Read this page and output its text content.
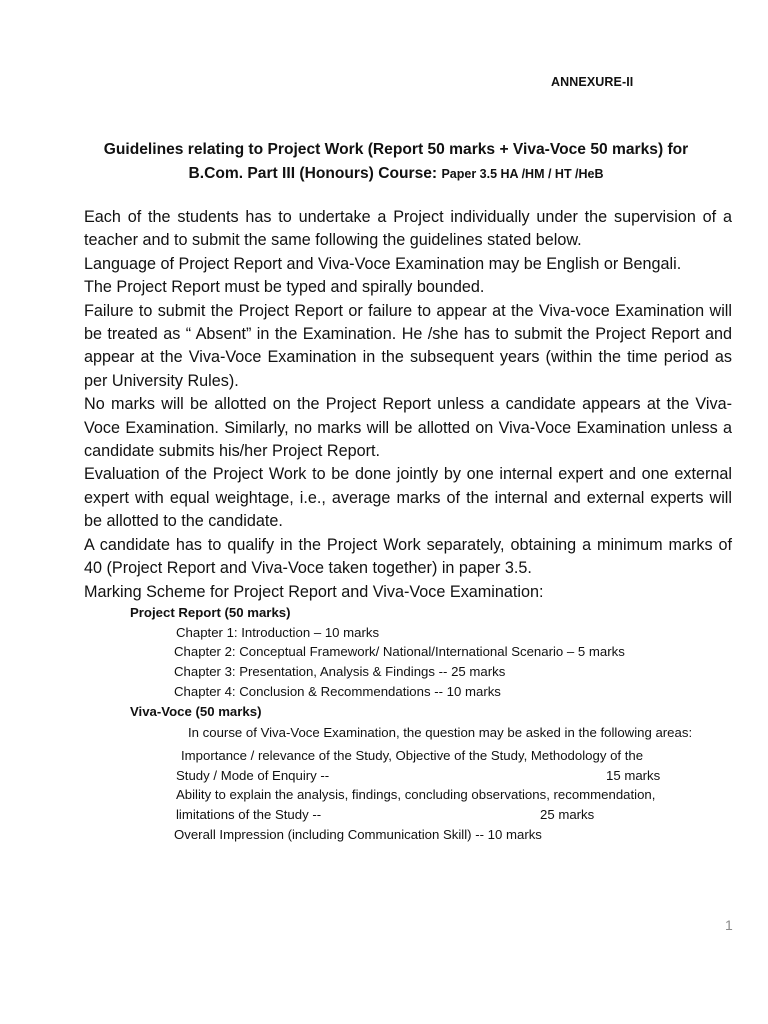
ANNEXURE-II
Guidelines relating to Project Work (Report 50 marks + Viva-Voce 50 marks) for
B.Com. Part III (Honours) Course: Paper 3.5 HA /HM / HT /HeB

Each of the students has to undertake a Project individually under the supervision of a teacher and to submit the same following the guidelines stated below.

Language of Project Report and Viva-Voce Examination may be English or Bengali.

The Project Report must be typed and spirally bounded.

Failure to submit the Project Report or failure to appear at the Viva-voce Examination will be treated as “ Absent” in the Examination. He /she has to submit the Project Report and appear at the Viva-Voce Examination in the subsequent years (within the time period as per University Rules).

No marks will be allotted on the Project Report unless a candidate appears at the Viva-Voce Examination. Similarly, no marks will be allotted on Viva-Voce Examination unless a candidate submits his/her Project Report.

Evaluation of the Project Work to be done jointly by one internal expert and one external expert with equal weightage, i.e., average marks of the internal and external experts will be allotted to the candidate.

A candidate has to qualify in the Project Work separately, obtaining a minimum marks of 40 (Project Report and Viva-Voce taken together) in paper 3.5.

Marking Scheme for Project Report and Viva-Voce Examination:

Project Report (50 marks)
Chapter 1: Introduction – 10 marks
Chapter 2: Conceptual Framework/ National/International Scenario – 5 marks
Chapter 3: Presentation, Analysis & Findings -- 25 marks
Chapter 4: Conclusion & Recommendations -- 10 marks
Viva-Voce (50 marks)
In course of Viva-Voce Examination, the question may be asked in the following areas:
Importance / relevance of the Study, Objective of the Study, Methodology of the
Study / Mode of Enquiry --	15 marks
Ability to explain the analysis, findings, concluding observations, recommendation,
limitations of the Study --	25 marks
Overall Impression (including Communication Skill) -- 10 marks
1
